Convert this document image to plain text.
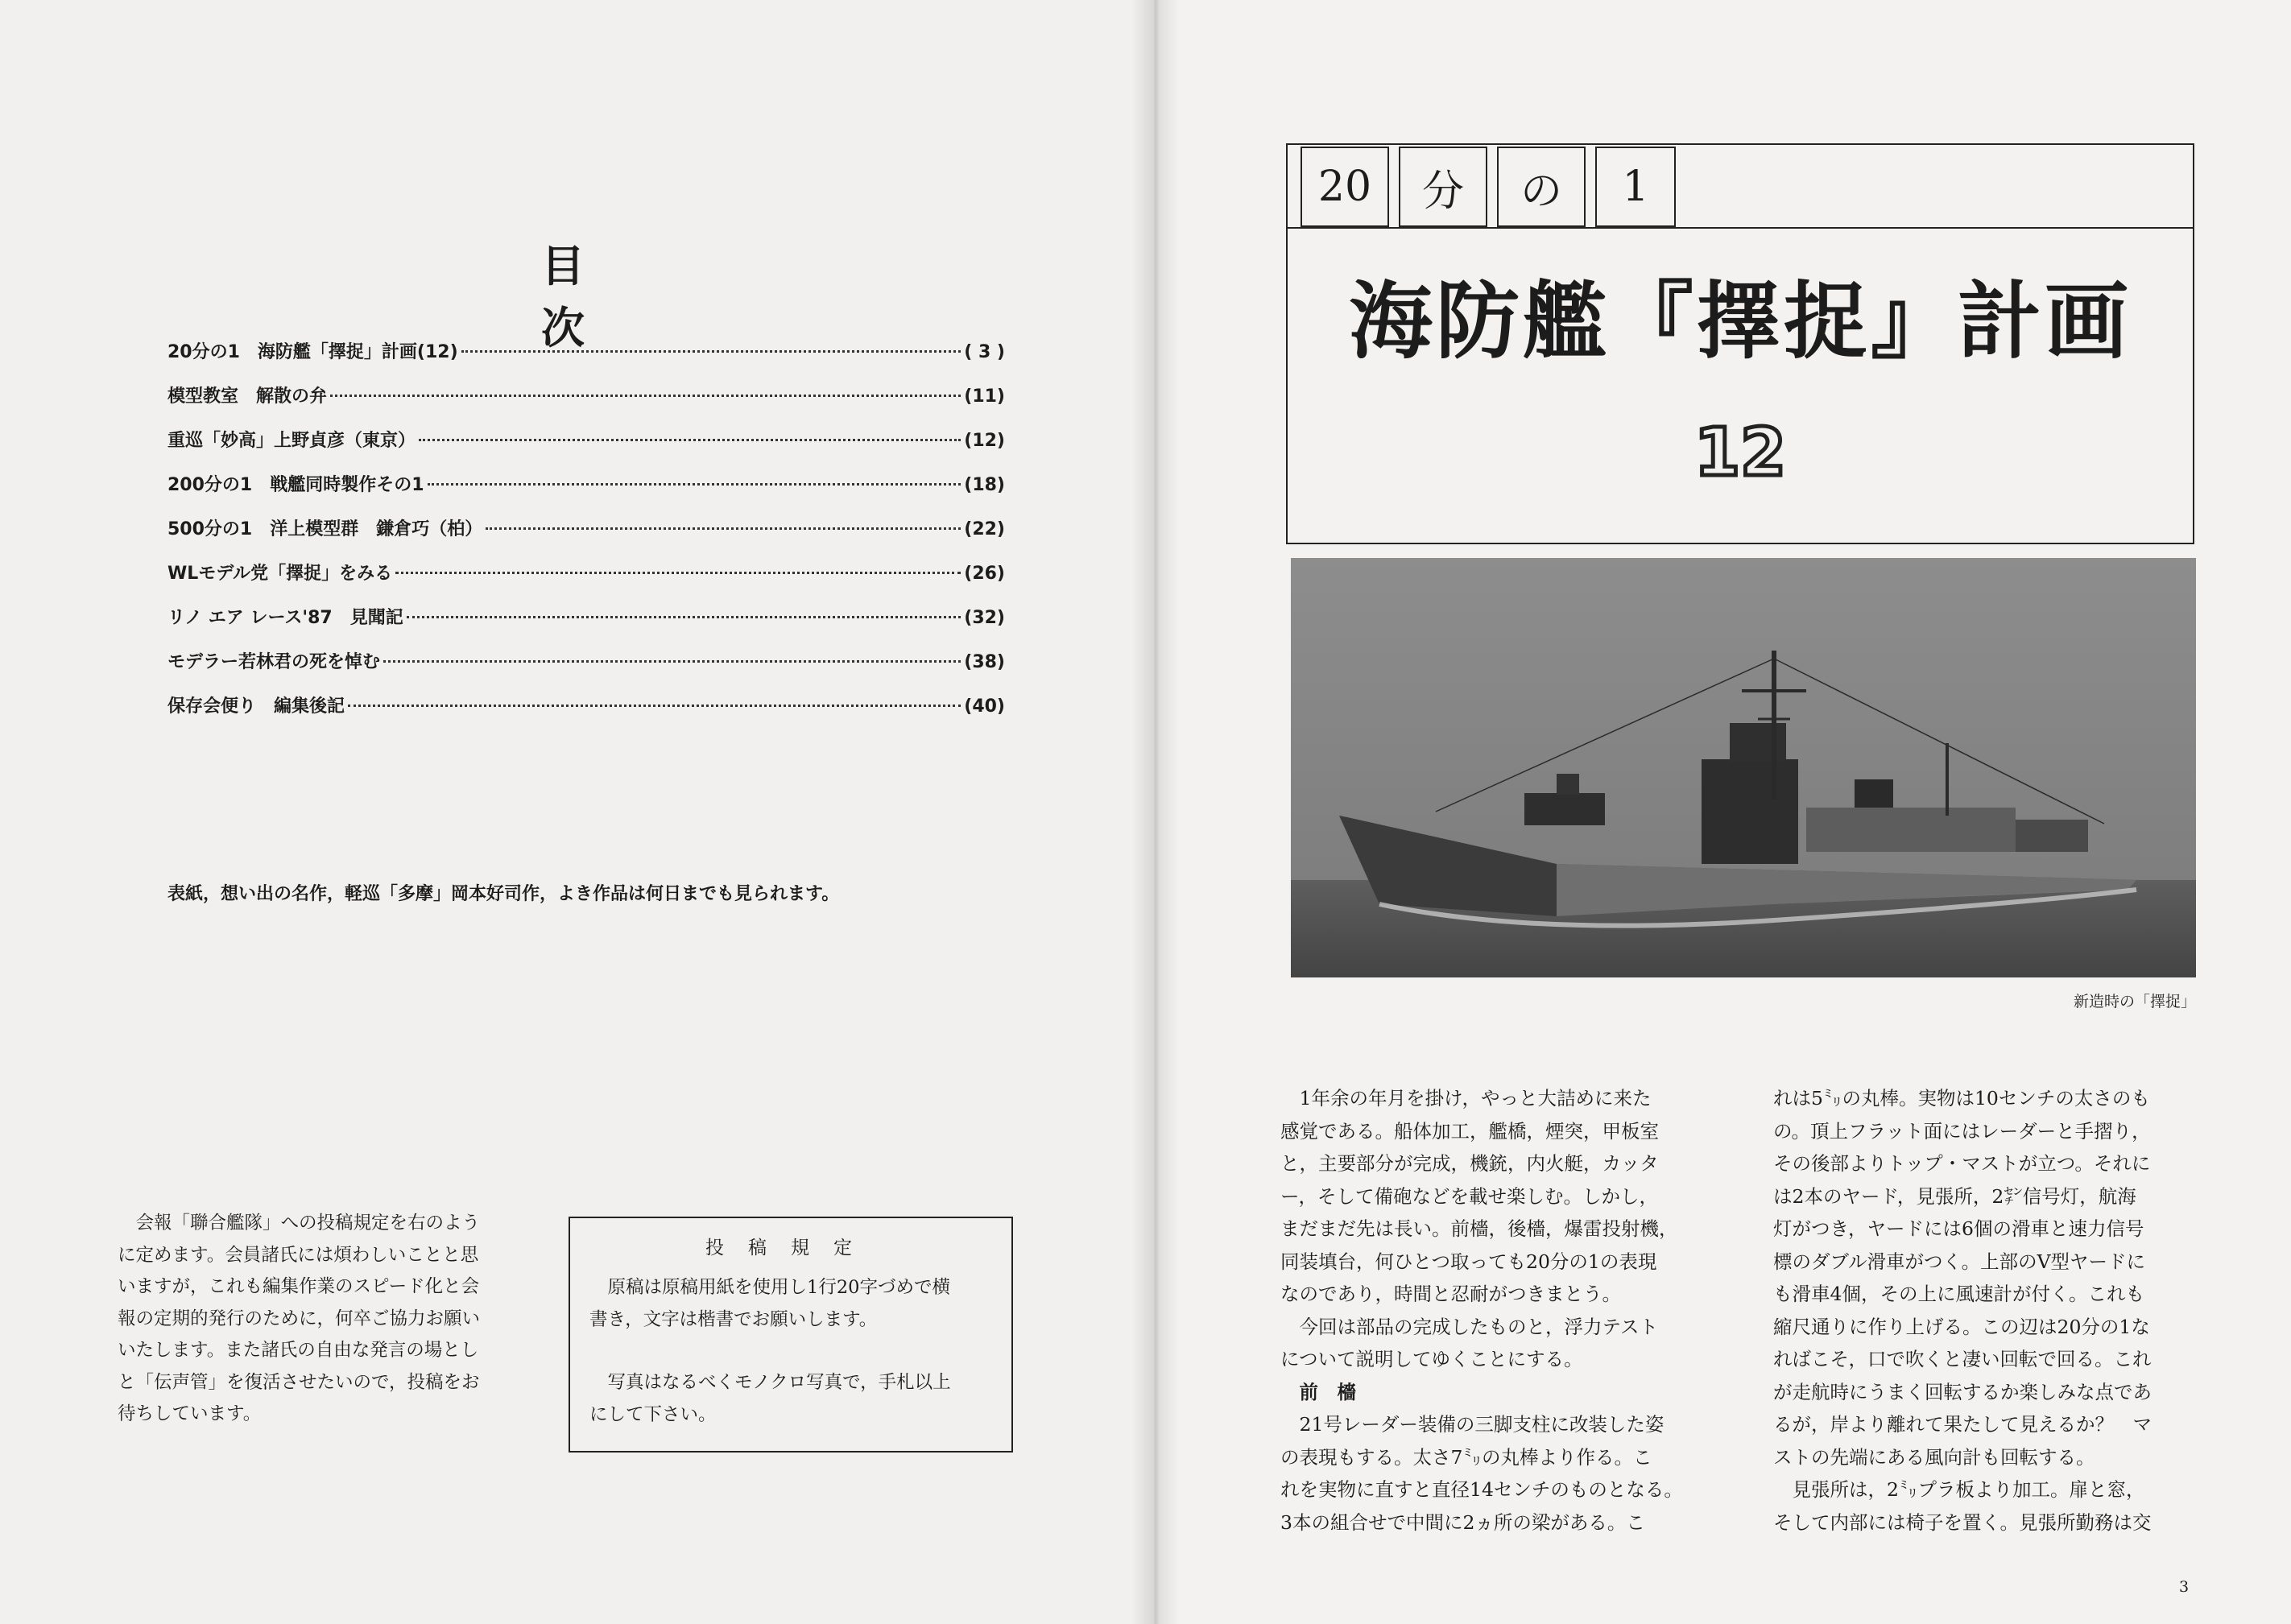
目 次
20分の1　海防艦「擇捉」計画(12)	( 3 )
模型教室　解散の弁	(11)
重巡「妙高」上野貞彦（東京）	(12)
200分の1　戦艦同時製作その1	(18)
500分の1　洋上模型群　鎌倉巧（柏）	(22)
WLモデル党「擇捉」をみる	(26)
リノ エア レース'87　見聞記	(32)
モデラー若林君の死を悼む	(38)
保存会便り　編集後記	(40)

表紙，想い出の名作，軽巡「多摩」岡本好司作，よき作品は何日までも見られます。

　会報「聯合艦隊」への投稿規定を右のよう
に定めます。会員諸氏には煩わしいことと思
いますが，これも編集作業のスピード化と会
報の定期的発行のために，何卒ご協力お願い
いたします。また諸氏の自由な発言の場とし
と「伝声管」を復活させたいので，投稿をお
待ちしています。

投稿規定

　原稿は原稿用紙を使用し1行20字づめで横
書き，文字は楷書でお願いします。

　写真はなるべくモノクロ写真で，手札以上
にして下さい。

20	分	の	1
海防艦『擇捉』計画

12

新造時の「擇捉」

　1年余の年月を掛け，やっと大詰めに来た
感覚である。船体加工，艦橋，煙突，甲板室
と，主要部分が完成，機銃，内火艇，カッタ
ー，そして備砲などを載せ楽しむ。しかし，
まだまだ先は長い。前檣，後檣，爆雷投射機，
同装填台，何ひとつ取っても20分の1の表現
なのであり，時間と忍耐がつきまとう。
　今回は部品の完成したものと，浮力テスト
について説明してゆくことにする。
　前　檣
　21号レーダー装備の三脚支柱に改装した姿
の表現もする。太さ7㍉の丸棒より作る。こ
れを実物に直すと直径14センチのものとなる。
3本の組合せで中間に2ヵ所の梁がある。こ

れは5㍉の丸棒。実物は10センチの太さのも
の。頂上フラット面にはレーダーと手摺り，
その後部よりトップ・マストが立つ。それに
は2本のヤード，見張所，2㌢信号灯，航海
灯がつき，ヤードには6個の滑車と速力信号
標のダブル滑車がつく。上部のV型ヤードに
も滑車4個，その上に風速計が付く。これも
縮尺通りに作り上げる。この辺は20分の1な
ればこそ，口で吹くと凄い回転で回る。これ
が走航時にうまく回転するか楽しみな点であ
るが，岸より離れて果たして見えるか？　マ
ストの先端にある風向計も回転する。
　見張所は，2㍉プラ板より加工。扉と窓，
そして内部には椅子を置く。見張所勤務は交

3
